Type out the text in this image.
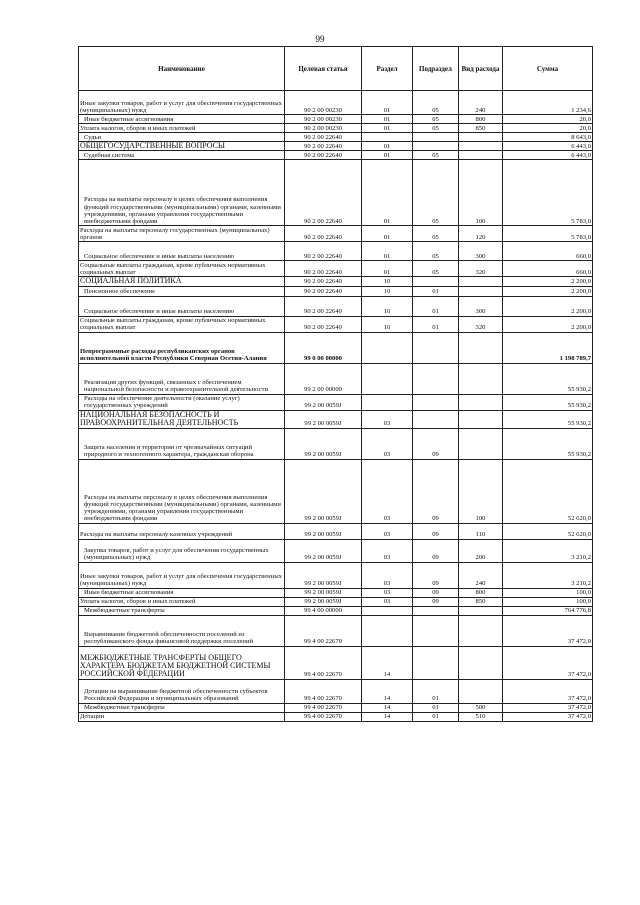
99
Наименование	Целевая статья	Раздел	Подраздел	Вид расхода	Сумма
Иные закупки товаров, работ и услуг для обеспечения государственных (муниципальных) нужд	90 2 00 00230	01	05	240	1 234,6
Иные бюджетные ассигнования	90 2 00 00230	01	05	800	20,0
Уплата налогов, сборов и иных платежей	90 2 00 00230	01	05	850	20,0
Судьи	90 2 00 22640				8 643,0
ОБЩЕГОСУДАРСТВЕННЫЕ ВОПРОСЫ	90 2 00 22640	01			6 443,0
Судебная система	90 2 00 22640	01	05		6 443,0
Расходы на выплаты персоналу в целях обеспечения выполнения функций государственными (муниципальными) органами, казенными учреждениями, органами управления государственными внебюджетными фондами	90 2 00 22640	01	05	100	5 783,0
Расходы на выплаты персоналу государственных (муниципальных) органов	90 2 00 22640	01	05	120	5 783,0
Социальное обеспечение и иные выплаты населению	90 2 00 22640	01	05	300	660,0
Социальные выплаты гражданам, кроме публичных нормативных социальных выплат	90 2 00 22640	01	05	320	660,0
СОЦИАЛЬНАЯ ПОЛИТИКА	90 2 00 22640	10			2 200,0
Пенсионное обеспечение	90 2 00 22640	10	01		2 200,0
Социальное обеспечение и иные выплаты населению	90 2 00 22640	10	01	300	2 200,0
Социальные выплаты гражданам, кроме публичных нормативных социальных выплат	90 2 00 22640	10	01	320	2 200,0
Непрограммные расходы республиканских органов исполнительной власти Республики Северная Осетия-Алания	99 0 00 00000				1 198 789,7
Реализация других функций, связанных с обеспечением национальной безопасности и правоохранительной деятельности	99 2 00 00000				55 930,2
Расходы на обеспечение деятельности (оказание услуг) государственных учреждений	99 2 00 0059J				55 930,2
НАЦИОНАЛЬНАЯ БЕЗОПАСНОСТЬ И ПРАВООХРАНИТЕЛЬНАЯ ДЕЯТЕЛЬНОСТЬ	99 2 00 0059J	03			55 930,2
Защита населения и территории от чрезвычайных ситуаций природного и техногенного характера, гражданская оборона	99 2 00 0059J	03	09		55 930,2
Расходы на выплаты персоналу в целях обеспечения выполнения функций государственными (муниципальными) органами, казенными учреждениями, органами управления государственными внебюджетными фондами	99 2 00 0059J	03	09	100	52 620,0
Расходы на выплаты персоналу казенных учреждений	99 2 00 0059J	03	09	110	52 620,0
Закупка товаров, работ и услуг для обеспечения государственных (муниципальных) нужд	99 2 00 0059J	03	09	200	3 210,2
Иные закупки товаров, работ и услуг для обеспечения государственных (муниципальных) нужд	99 2 00 0059J	03	09	240	3 210,2
Иные бюджетные ассигнования	99 2 00 0059J	03	09	800	100,0
Уплата налогов, сборов и иных платежей	99 2 00 0059J	03	09	850	100,0
Межбюджетные трансферты	99 4 00 00000				764 776,8
Выравнивание бюджетной обеспеченности поселений из республиканского фонда финансовой поддержки поселений	99 4 00 22670				37 472,0
МЕЖБЮДЖЕТНЫЕ ТРАНСФЕРТЫ ОБЩЕГО ХАРАКТЕРА БЮДЖЕТАМ БЮДЖЕТНОЙ СИСТЕМЫ РОССИЙСКОЙ ФЕДЕРАЦИИ	99 4 00 22670	14			37 472,0
Дотации на выравнивание бюджетной обеспеченности субъектов Российской Федерации и муниципальных образований	99 4 00 22670	14	01		37 472,0
Межбюджетные трансферты	99 4 00 22670	14	01	500	37 472,0
Дотации	99 4 00 22670	14	01	510	37 472,0
